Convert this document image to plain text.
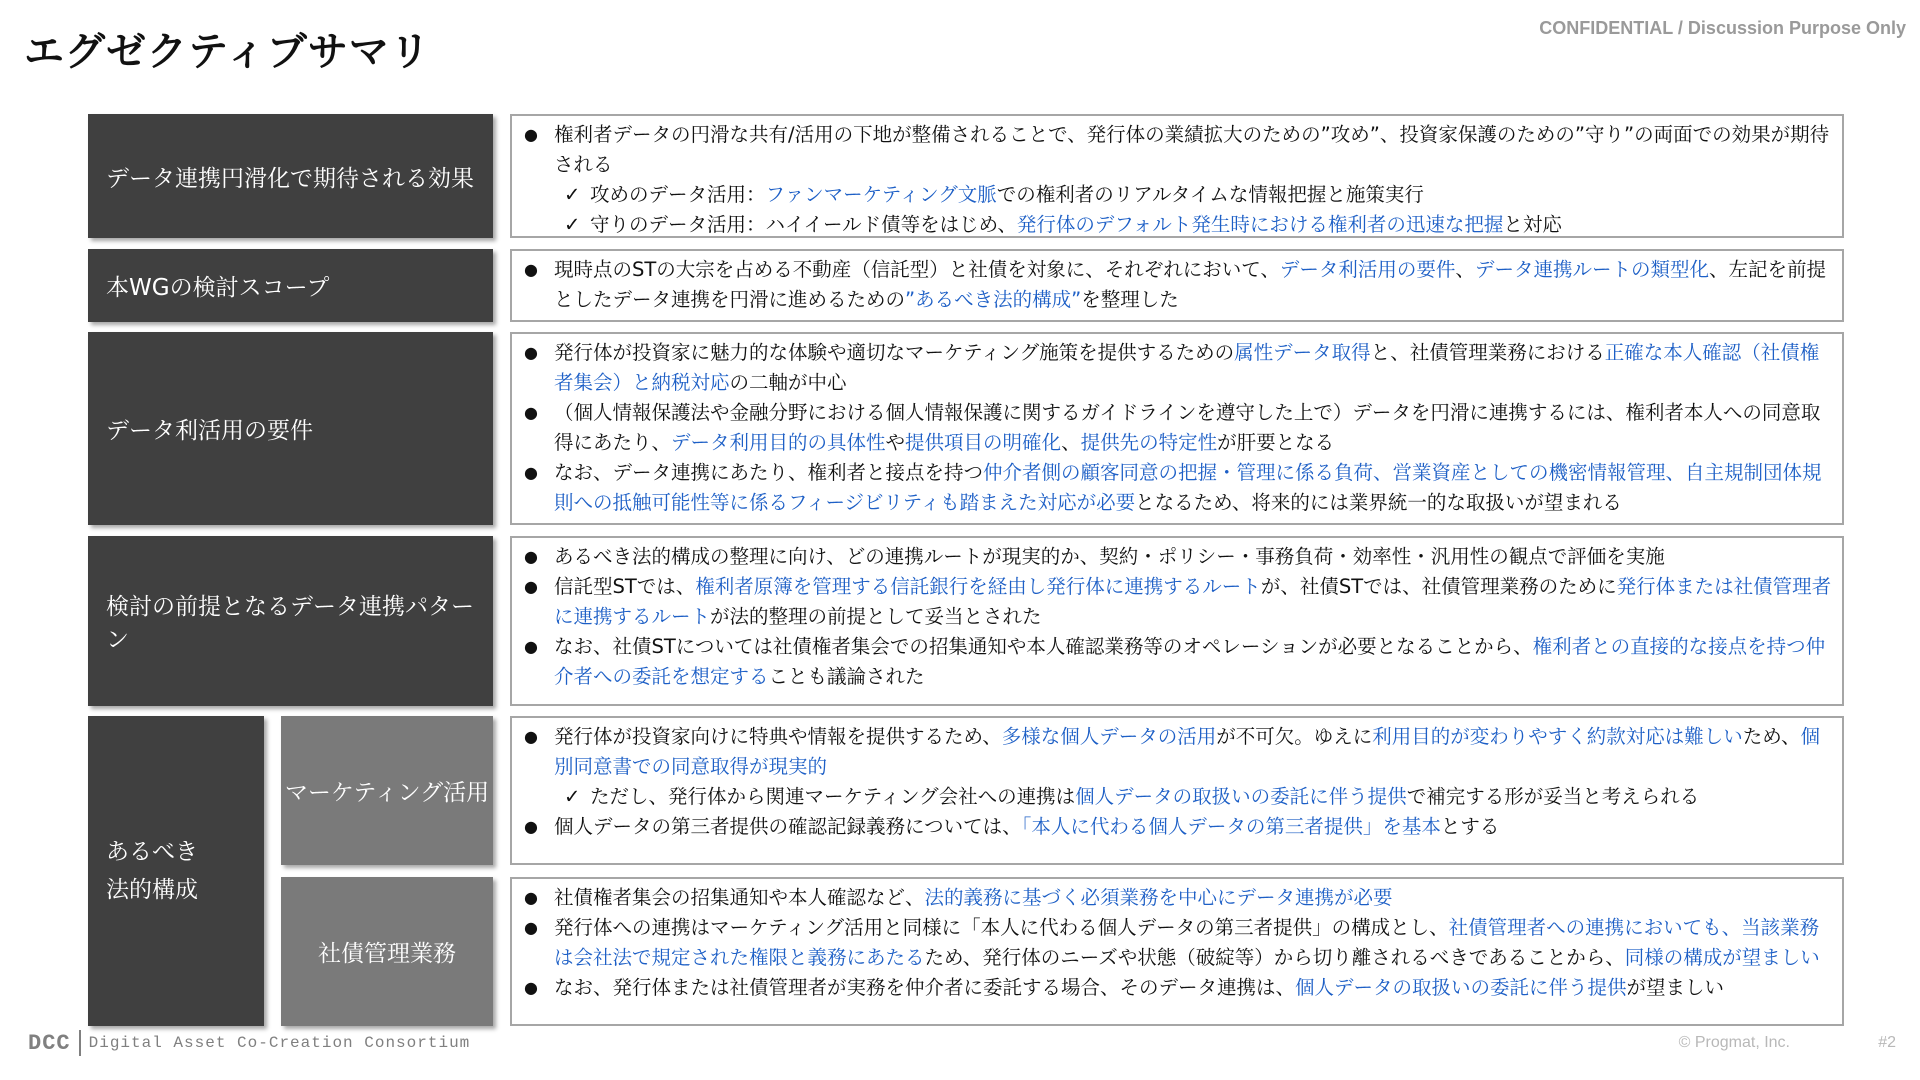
エグゼクティブサマリ
CONFIDENTIAL / Discussion Purpose Only
データ連携円滑化で期待される効果
● 権利者データの円滑な共有/活用の下地が整備されることで、発行体の業績拡大のための”攻め”、投資家保護のための”守り”の両面での効果が期待される
✓ 攻めのデータ活用：ファンマーケティング文脈での権利者のリアルタイムな情報把握と施策実行
✓ 守りのデータ活用：ハイイールド債等をはじめ、発行体のデフォルト発生時における権利者の迅速な把握と対応
本WGの検討スコープ
● 現時点のSTの大宗を占める不動産（信託型）と社債を対象に、それぞれにおいて、データ利活用の要件、データ連携ルートの類型化、左記を前提としたデータ連携を円滑に進めるための”あるべき法的構成”を整理した
データ利活用の要件
● 発行体が投資家に魅力的な体験や適切なマーケティング施策を提供するための属性データ取得と、社債管理業務における正確な本人確認（社債権者集会）と納税対応の二軸が中心
● （個人情報保護法や金融分野における個人情報保護に関するガイドラインを遵守した上で）データを円滑に連携するには、権利者本人への同意取得にあたり、データ利用目的の具体性や提供項目の明確化、提供先の特定性が肝要となる
● なお、データ連携にあたり、権利者と接点を持つ仲介者側の顧客同意の把握・管理に係る負荷、営業資産としての機密情報管理、自主規制団体規則への抵触可能性等に係るフィージビリティも踏まえた対応が必要となるため、将来的には業界統一的な取扱いが望まれる
検討の前提となるデータ連携パターン
● あるべき法的構成の整理に向け、どの連携ルートが現実的か、契約・ポリシー・事務負荷・効率性・汎用性の観点で評価を実施
● 信託型STでは、権利者原簿を管理する信託銀行を経由し発行体に連携するルートが、社債STでは、社債管理業務のために発行体または社債管理者に連携するルートが法的整理の前提として妥当とされた
● なお、社債STについては社債権者集会での招集通知や本人確認業務等のオペレーションが必要となることから、権利者との直接的な接点を持つ仲介者への委託を想定することも議論された
あるべき
法的構成
マーケティング活用
● 発行体が投資家向けに特典や情報を提供するため、多様な個人データの活用が不可欠。ゆえに利用目的が変わりやすく約款対応は難しいため、個別同意書での同意取得が現実的
✓ ただし、発行体から関連マーケティング会社への連携は個人データの取扱いの委託に伴う提供で補完する形が妥当と考えられる
● 個人データの第三者提供の確認記録義務については、「本人に代わる個人データの第三者提供」を基本とする
社債管理業務
● 社債権者集会の招集通知や本人確認など、法的義務に基づく必須業務を中心にデータ連携が必要
● 発行体への連携はマーケティング活用と同様に「本人に代わる個人データの第三者提供」の構成とし、社債管理者への連携においても、当該業務は会社法で規定された権限と義務にあたるため、発行体のニーズや状態（破綻等）から切り離されるべきであることから、同様の構成が望ましい
● なお、発行体または社債管理者が実務を仲介者に委託する場合、そのデータ連携は、個人データの取扱いの委託に伴う提供が望ましい
DCC Digital Asset Co-Creation Consortium	© Progmat, Inc.	#2
